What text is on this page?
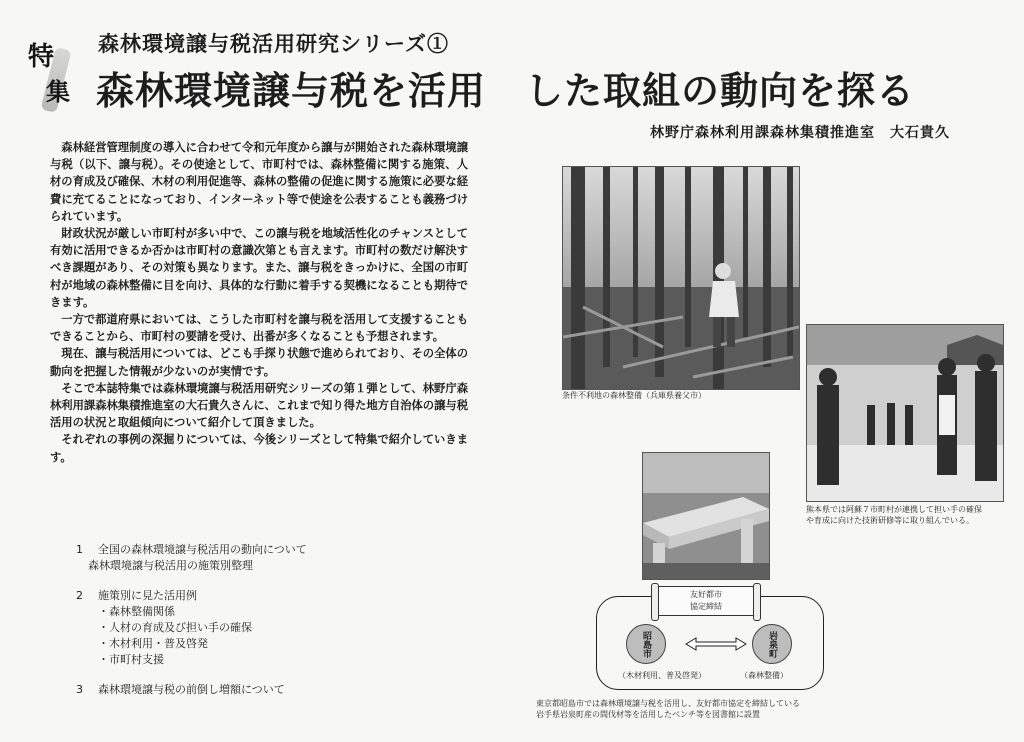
特
集
森林環境譲与税活用研究シリーズ①
森林環境譲与税を活用　した取組の動向を探る
林野庁森林利用課森林集積推進室　大石貴久

森林経営管理制度の導入に合わせて令和元年度から譲与が開始された森林環境譲与税（以下、譲与税）。その使途として、市町村では、森林整備に関する施策、人材の育成及び確保、木材の利用促進等、森林の整備の促進に関する施策に必要な経費に充てることになっており、インターネット等で使途を公表することも義務づけられています。

財政状況が厳しい市町村が多い中で、この譲与税を地域活性化のチャンスとして有効に活用できるか否かは市町村の意識次第とも言えます。市町村の数だけ解決すべき課題があり、その対策も異なります。また、譲与税をきっかけに、全国の市町村が地域の森林整備に目を向け、具体的な行動に着手する契機になることも期待できます。

一方で都道府県においては、こうした市町村を譲与税を活用して支援することもできることから、市町村の要請を受け、出番が多くなることも予想されます。

現在、譲与税活用については、どこも手探り状態で進められており、その全体の動向を把握した情報が少ないのが実情です。

そこで本誌特集では森林環境譲与税活用研究シリーズの第１弾として、林野庁森林利用課森林集積推進室の大石貴久さんに、これまで知り得た地方自治体の譲与税活用の状況と取組傾向について紹介して頂きました。

それぞれの事例の深掘りについては、今後シリーズとして特集で紹介していきます。

1 全国の森林環境譲与税活用の動向について
森林環境譲与税活用の施策別整理
2 施策別に見た活用例
・森林整備関係
・人材の育成及び担い手の確保
・木材利用・普及啓発
・市町村支援
3 森林環境譲与税の前倒し増額について
条件不利地の森林整備（兵庫県養父市）
熊本県では阿蘇７市町村が連携して担い手の確保
や育成に向けた技術研修等に取り組んでいる。
友好都市
協定締結
昭島市	岩泉町
（木材利用、普及啓発）	（森林整備）
東京都昭島市では森林環境譲与税を活用し、友好都市協定を締結している
岩手県岩泉町産の間伐材等を活用したベンチ等を図書館に設置
